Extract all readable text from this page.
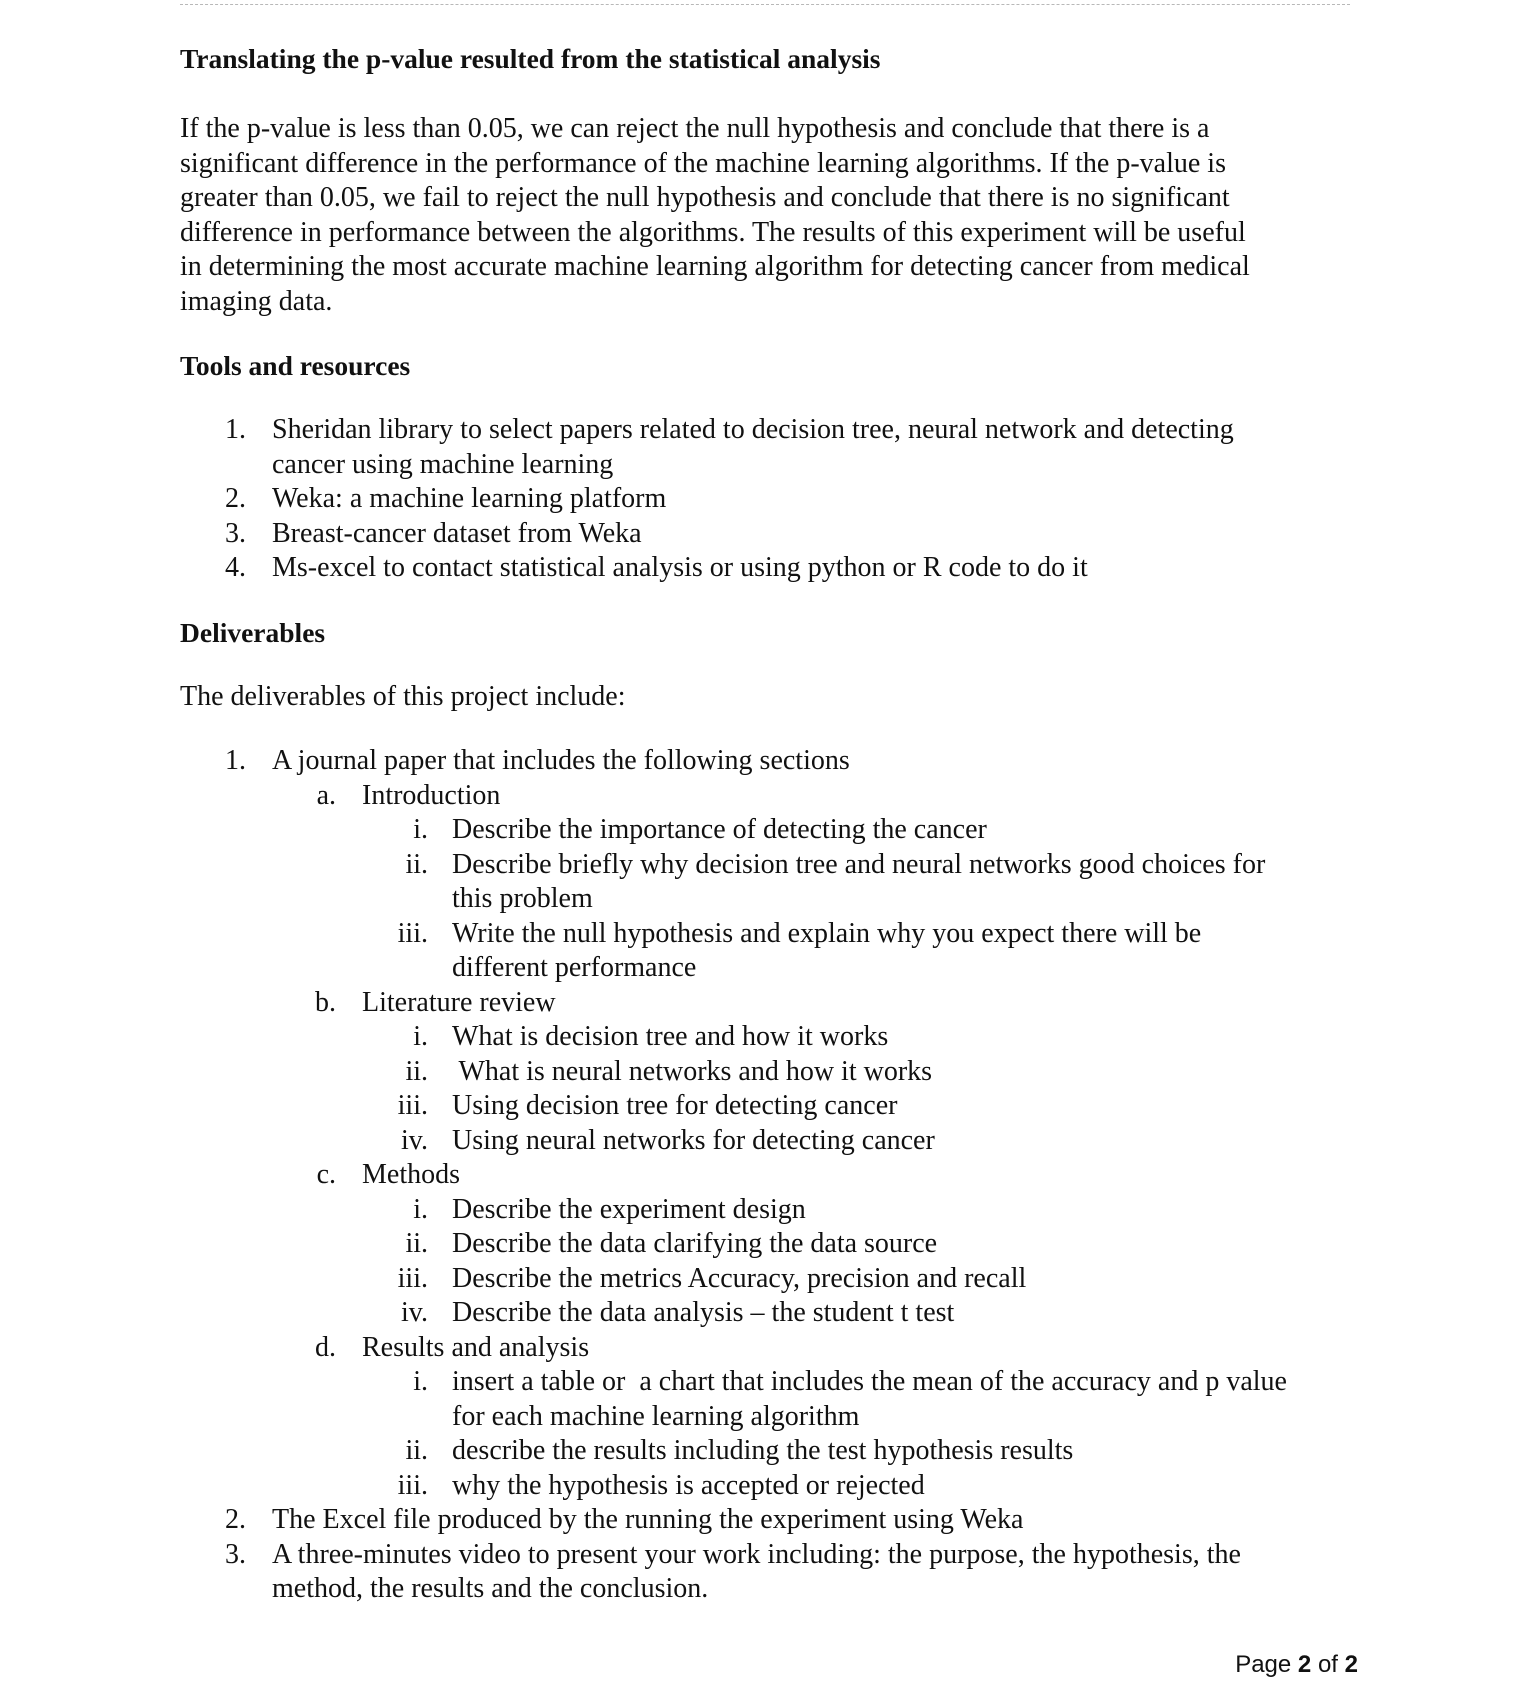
Translating the p-value resulted from the statistical analysis

If the p-value is less than 0.05, we can reject the null hypothesis and conclude that there is a
significant difference in the performance of the machine learning algorithms. If the p-value is
greater than 0.05, we fail to reject the null hypothesis and conclude that there is no significant
difference in performance between the algorithms. The results of this experiment will be useful
in determining the most accurate machine learning algorithm for detecting cancer from medical
imaging data.

Tools and resources

1. Sheridan library to select papers related to decision tree, neural network and detecting
cancer using machine learning
2. Weka: a machine learning platform
3. Breast-cancer dataset from Weka
4. Ms-excel to contact statistical analysis or using python or R code to do it

Deliverables

The deliverables of this project include:

1. A journal paper that includes the following sections
a. Introduction
i. Describe the importance of detecting the cancer
ii. Describe briefly why decision tree and neural networks good choices for
this problem
iii. Write the null hypothesis and explain why you expect there will be
different performance
b. Literature review
i. What is decision tree and how it works
ii. What is neural networks and how it works
iii. Using decision tree for detecting cancer
iv. Using neural networks for detecting cancer
c. Methods
i. Describe the experiment design
ii. Describe the data clarifying the data source
iii. Describe the metrics Accuracy, precision and recall
iv. Describe the data analysis – the student t test
d. Results and analysis
i. insert a table or  a chart that includes the mean of the accuracy and p value
for each machine learning algorithm
ii. describe the results including the test hypothesis results
iii. why the hypothesis is accepted or rejected
2. The Excel file produced by the running the experiment using Weka
3. A three-minutes video to present your work including: the purpose, the hypothesis, the
method, the results and the conclusion.
Page 2 of 2
